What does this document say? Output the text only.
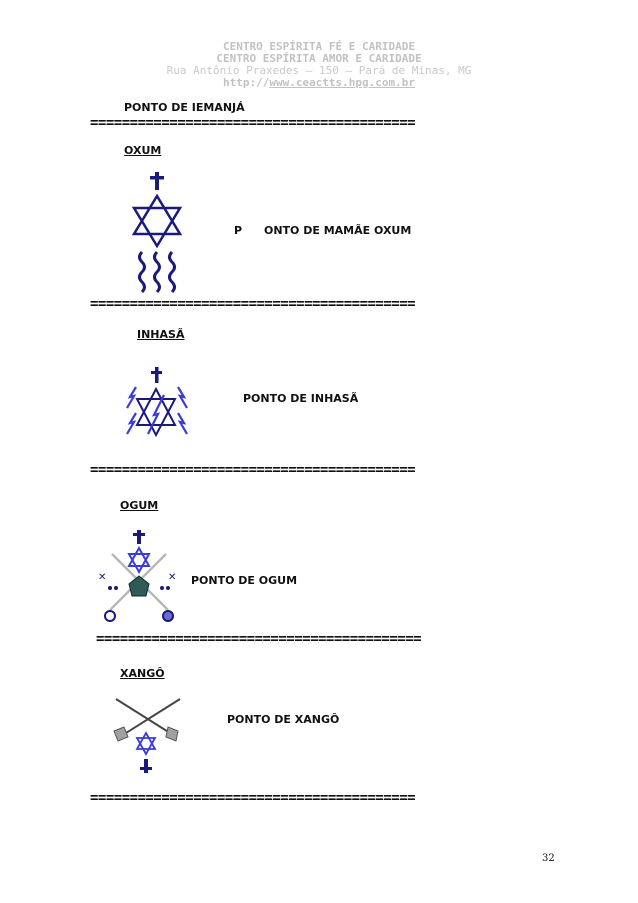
CENTRO ESPÍRITA FÉ E CARIDADE
CENTRO ESPÍRITA AMOR E CARIDADE
Rua Antônio Praxedes – 150 – Pará de Minas, MG
http://www.ceactts.hpg.com.br
PONTO DE IEMANJÁ
=========================================
OXUM
P ONTO DE MAMÃE OXUM
=========================================
INHASÃ
PONTO DE INHASÃ
=========================================
OGUM
✕	✕ PONTO DE OGUM
=========================================
XANGÔ
PONTO DE XANGÔ
=========================================
32
